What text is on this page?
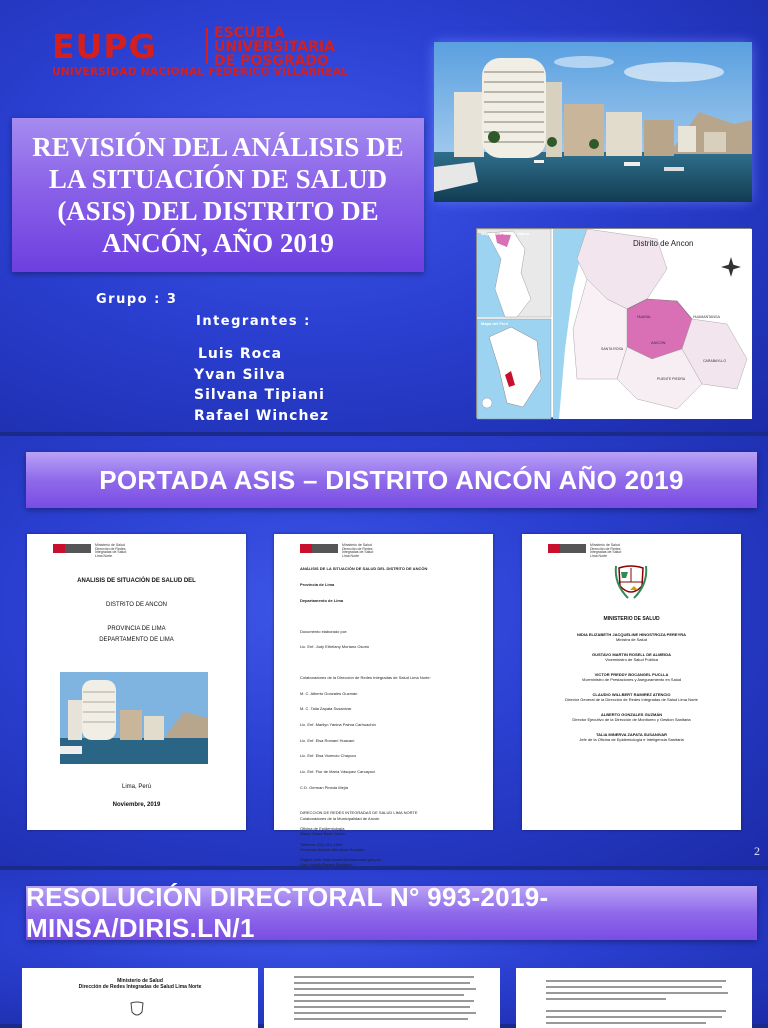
EUPG	ESCUELA
UNIVERSITARIA
DE POSGRADO
UNIVERSIDAD NACIONAL FEDERICO VILLARREAL
REVISIÓN DEL ANÁLISIS DE LA SITUACIÓN DE SALUD (ASIS) DEL DISTRITO DE ANCÓN, AÑO 2019	Distrito de Ancon
Mapa Lima Metropolitana
Mapa del Perú
ANCON
SANTA ROSA
CARABAYLLO
PUENTE PIEDRA
HUARAL	HUAMANTANGA
Grupo : 3
Integrantes :
Luis Roca
Yvan Silva
Silvana Tipiani
Rafael Winchez
PORTADA ASIS – DISTRITO ANCÓN AÑO 2019
Ministerio de Salud
Dirección de Redes Integradas de Salud Lima Norte
ANALISIS DE SITUACIÓN DE SALUD DEL
DISTRITO DE ANCON
PROVINCIA DE LIMA
DEPARTAMENTO DE LIMA
Lima, Perú
Noviembre, 2019
Ministerio de Salud
Dirección de Redes Integradas de Salud Lima Norte

ANÁLISIS DE LA SITUACIÓN DE SALUD DEL DISTRITO DE ANCÓN

Provincia de Lima

Departamento de Lima

Documento elaborado por:

Lic. Enf. Judy Ethelany Moriano Osorio

Colaboradores de la Dirección de Redes Integradas de Salud Lima Norte:

M. C. Alberto Gonzales Guzmán

M. C. Talia Zapata Susanivar

Lic. Enf. Marilyn Yanina Palma Carhuachín

Lic. Enf. Elsa Romaní Huacaní

Lic. Enf. Elsa Vicencio Chaycco

Lic. Enf. Flor de María Vásquez Carcayoci

C.D. German Pineda Mejía

Colaboradores de la Municipalidad de Ancón

Diana Grace Banc Osorio

Fernando Alfredo Mendoza Huamán

Lizy Lisbeth Ramos Bonifacio

DIRECCION DE REDES INTEGRADAS DE SALUD LIMA NORTE

Oficina de Epidemiología

Teléfono: (01) 201-1340

Página web: http://www.dirislimanorte.gob.pe/

Ministerio de Salud
Dirección de Redes Integradas de Salud Lima Norte
MINISTERIO DE SALUD
NIDIA ELIZABETH JACQUELINE HINOSTROZA PEREYRA
Ministra de Salud
GUSTAVO MARTIN ROSELL DE ALMEIDA
Viceministro de Salud Pública
VICTOR FREDDY BOCANGEL PUCLLA
Viceministro de Prestaciones y Aseguramiento en Salud
CLAUDIO WILLBERT RAMIREZ ATENCIO
Director General de la Dirección de Redes Integradas de Salud Lima Norte
ALBERTO GONZALES GUZMÁN
Director Ejecutivo de la Dirección de Monitoreo y Gestión Sanitaria
TALIA MINERVA ZAPATA SUSANIVAR
Jefe de la Oficina de Epidemiología e Inteligencia Sanitaria
2
RESOLUCIÓN DIRECTORAL N° 993-2019-MINSA/DIRIS.LN/1
Ministerio de Salud
Dirección de Redes Integradas de Salud Lima Norte
